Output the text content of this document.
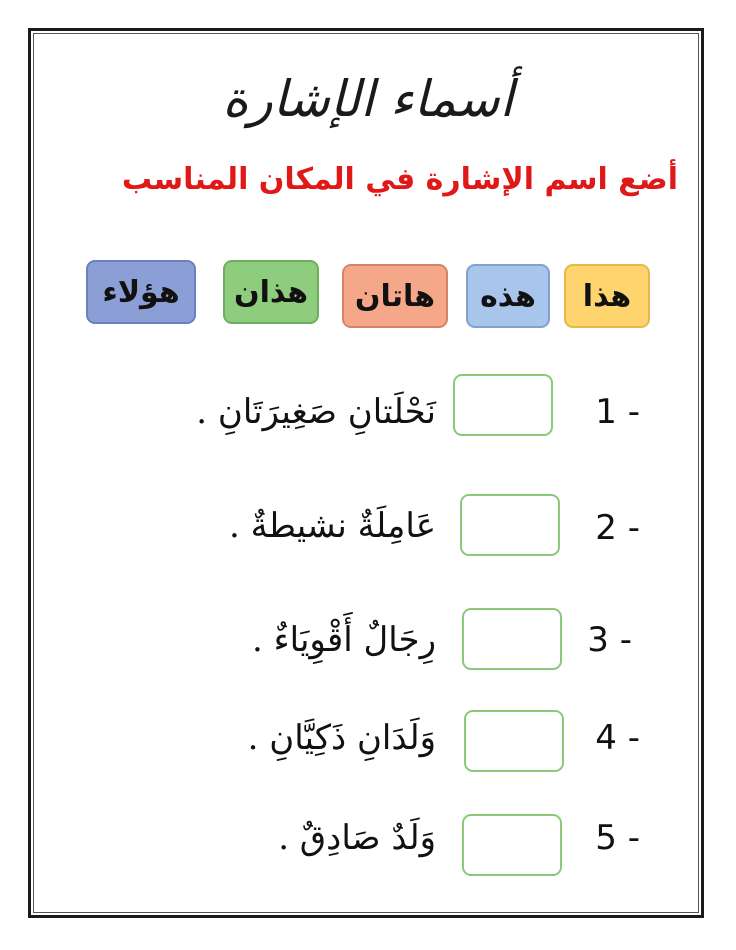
أسماء الإشارة
أضع اسم الإشارة في المكان المناسب
هذا
هذه
هاتان
هذان
هؤلاء
1 -
نَحْلَتانِ صَغِيرَتَانِ .
2 -
عَامِلَةٌ نشيطةٌ .
3 -
رِجَالٌ أَقْوِيَاءٌ .
4 -
وَلَدَانِ ذَكِيَّانِ .
5 -
وَلَدٌ صَادِقٌ .
